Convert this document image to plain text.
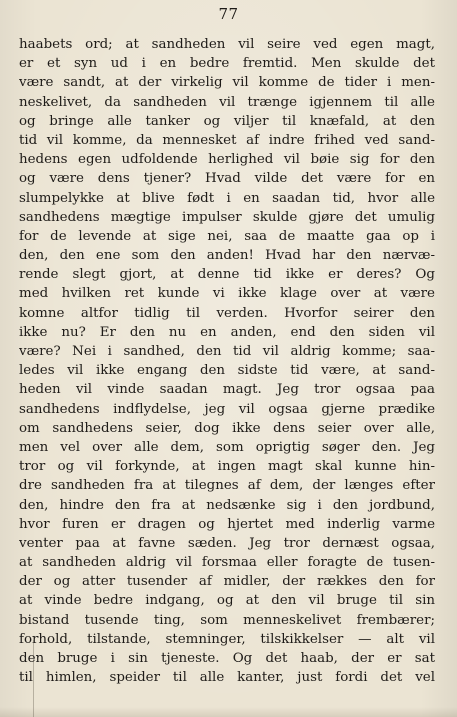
77
haabets ord; at sandheden vil seire ved egen magt,
er et syn ud i en bedre fremtid. Men skulde det
være sandt, at der virkelig vil komme de tider i men-
neskelivet, da sandheden vil trænge igjennem til alle
og bringe alle tanker og viljer til knæfald, at den
tid vil komme, da mennesket af indre frihed ved sand-
hedens egen udfoldende herlighed vil bøie sig for den
og være dens tjener? Hvad vilde det være for en
slumpelykke at blive født i en saadan tid, hvor alle
sandhedens mægtige impulser skulde gjøre det umulig
for de levende at sige nei, saa de maatte gaa op i
den, den ene som den anden! Hvad har den nærvæ-
rende slegt gjort, at denne tid ikke er deres? Og
med hvilken ret kunde vi ikke klage over at være
komne altfor tidlig til verden. Hvorfor seirer den
ikke nu? Er den nu en anden, end den siden vil
være? Nei i sandhed, den tid vil aldrig komme; saa-
ledes vil ikke engang den sidste tid være, at sand-
heden vil vinde saadan magt. Jeg tror ogsaa paa
sandhedens indflydelse, jeg vil ogsaa gjerne prædike
om sandhedens seier, dog ikke dens seier over alle,
men vel over alle dem, som oprigtig søger den. Jeg
tror og vil forkynde, at ingen magt skal kunne hin-
dre sandheden fra at tilegnes af dem, der længes efter
den, hindre den fra at nedsænke sig i den jordbund,
hvor furen er dragen og hjertet med inderlig varme
venter paa at favne sæden. Jeg tror dernæst ogsaa,
at sandheden aldrig vil forsmaa eller foragte de tusen-
der og atter tusender af midler, der rækkes den for
at vinde bedre indgang, og at den vil bruge til sin
bistand tusende ting, som menneskelivet frembærer;
forhold, tilstande, stemninger, tilskikkelser — alt vil
den bruge i sin tjeneste. Og det haab, der er sat
til himlen, speider til alle kanter, just fordi det vel
